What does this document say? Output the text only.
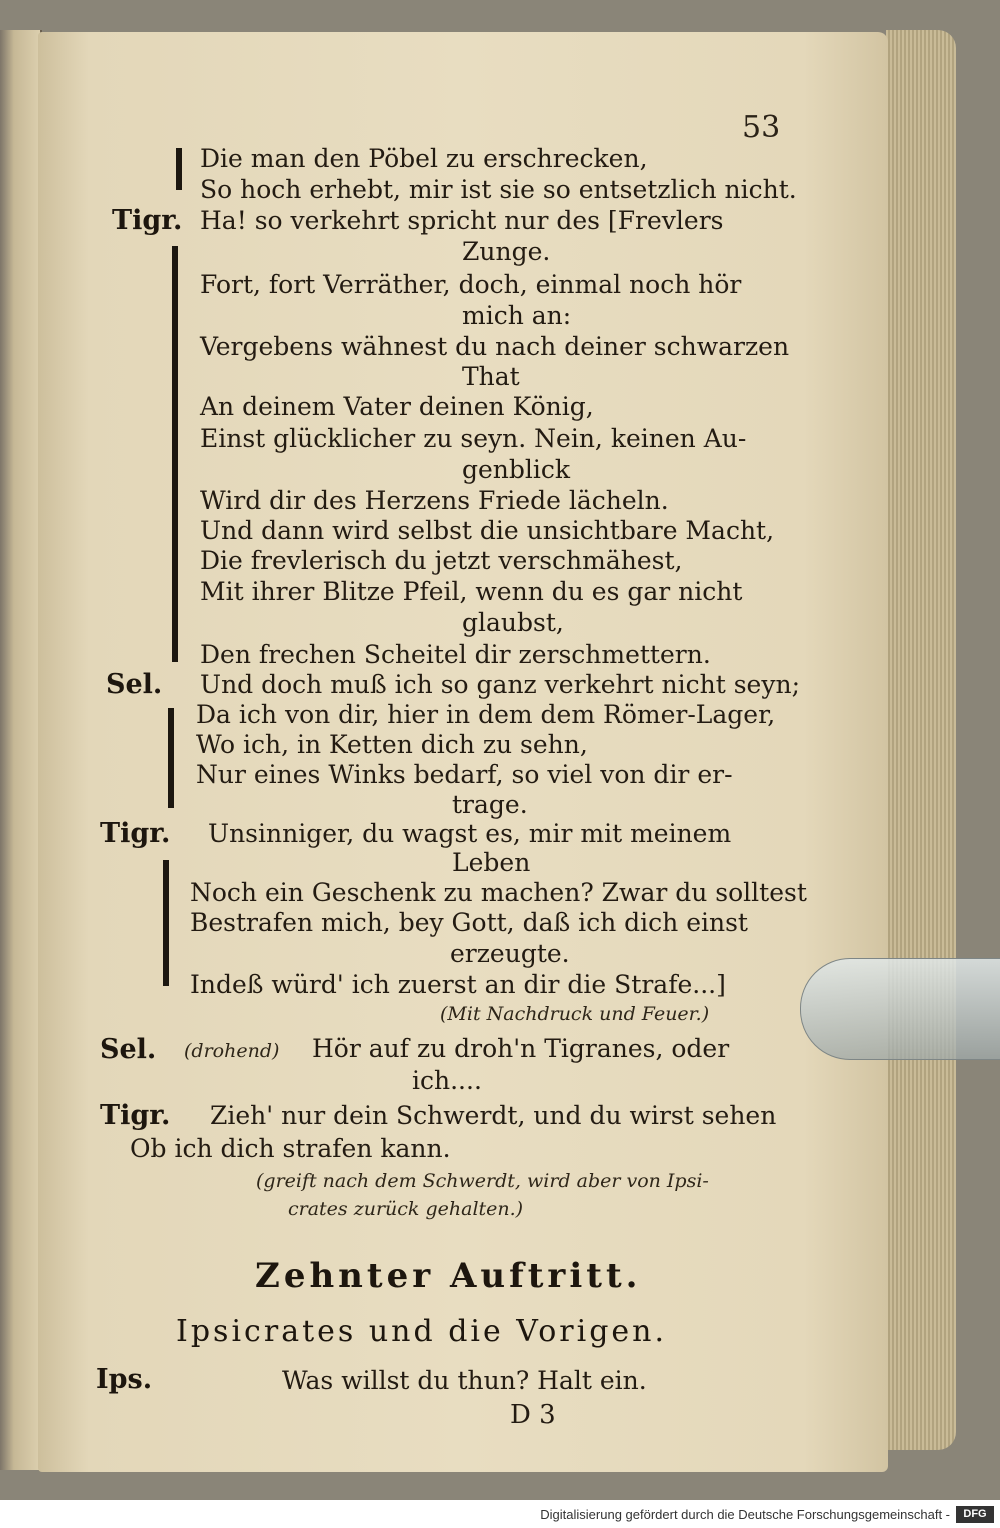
53

Die man den Pöbel zu erschrecken,

So hoch erhebt, mir ist sie so entsetzlich nicht.

Tigr. Ha! so verkehrt spricht nur des [Frevlers

Zunge.

Fort, fort Verräther, doch, einmal noch hör

mich an:

Vergebens wähnest du nach deiner schwarzen

That

An deinem Vater deinen König,

Einst glücklicher zu seyn. Nein, keinen Au-

genblick

Wird dir des Herzens Friede lächeln.

Und dann wird selbst die unsichtbare Macht,

Die frevlerisch du jetzt verschmähest,

Mit ihrer Blitze Pfeil, wenn du es gar nicht

glaubst,

Den frechen Scheitel dir zerschmettern.

Sel. Und doch muß ich so ganz verkehrt nicht seyn;

Da ich von dir, hier in dem dem Römer-Lager,

Wo ich, in Ketten dich zu sehn,

Nur eines Winks bedarf, so viel von dir er-

trage.

Tigr. Unsinniger, du wagst es, mir mit meinem

Leben

Noch ein Geschenk zu machen? Zwar du solltest

Bestrafen mich, bey Gott, daß ich dich einst

erzeugte.

Indeß würd' ich zuerst an dir die Strafe...]

(Mit Nachdruck und Feuer.)

Sel. (drohend) Hör auf zu droh'n Tigranes, oder

ich....

Tigr. Zieh' nur dein Schwerdt, und du wirst sehen

Ob ich dich strafen kann.

(greift nach dem Schwerdt, wird aber von Ipsi-

crates zurück gehalten.)

Zehnter Auftritt.

Ipsicrates und die Vorigen.

Ips.	Was willst du thun? Halt ein.

D 3

Digitalisierung gefördert durch die Deutsche Forschungsgemeinschaft -	DFG
